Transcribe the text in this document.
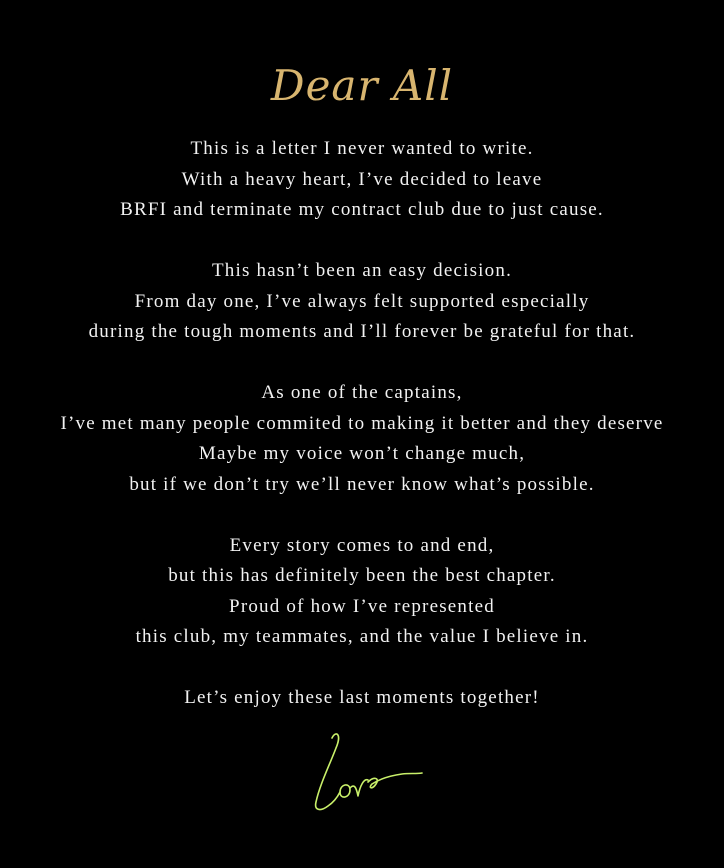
Dear All

This is a letter I never wanted to write.
With a heavy heart, I’ve decided to leave
BRFI and terminate my contract club due to just cause.

This hasn’t been an easy decision.
From day one, I’ve always felt supported especially
during the tough moments and I’ll forever be grateful for that.

As one of the captains,
I’ve met many people commited to making it better and they deserve
Maybe my voice won’t change much,
but if we don’t try we’ll never know what’s possible.

Every story comes to and end,
but this has definitely been the best chapter.
Proud of how I’ve represented
this club, my teammates, and the value I believe in.

Let’s enjoy these last moments together!
